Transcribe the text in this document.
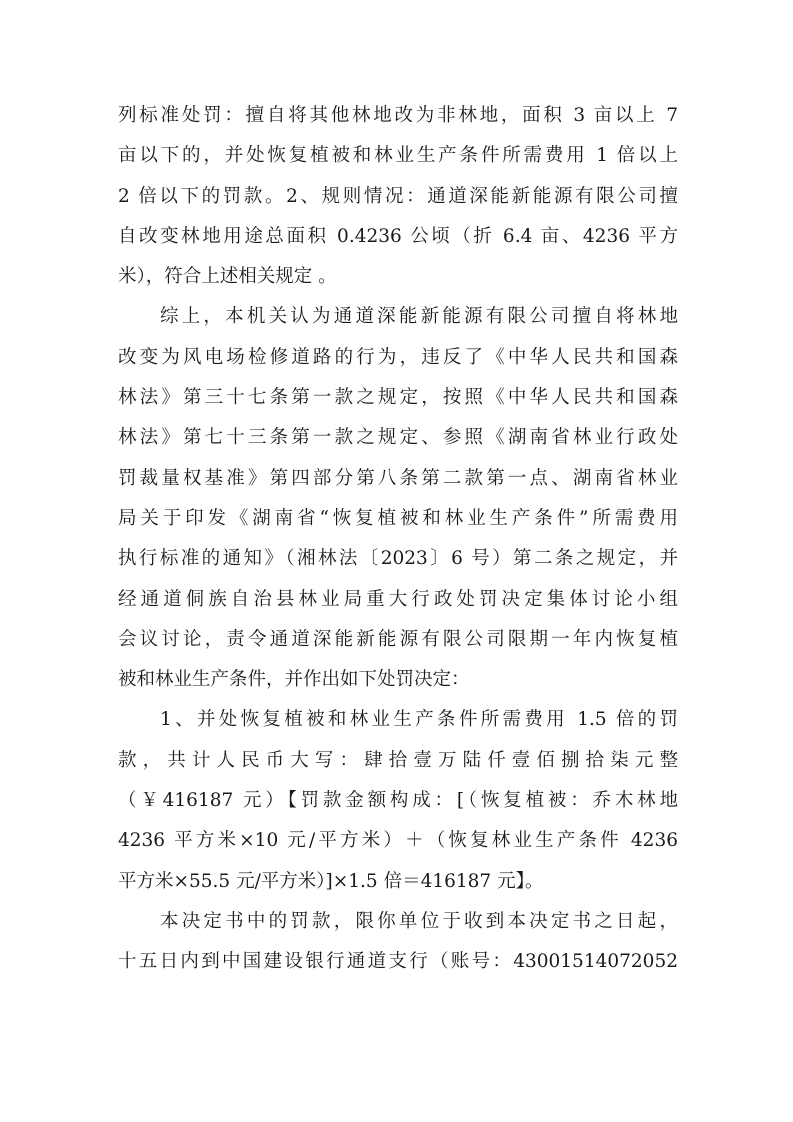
列标准处罚：擅自将其他林地改为非林地，面积 3 亩以上 7
亩以下的，并处恢复植被和林业生产条件所需费用 1 倍以上
2 倍以下的罚款。2、规则情况：通道深能新能源有限公司擅
自改变林地用途总面积 0.4236 公顷（折 6.4 亩、4236 平方
米），符合上述相关规定 。
综上，本机关认为通道深能新能源有限公司擅自将林地
改变为风电场检修道路的行为，违反了《中华人民共和国森
林法》第三十七条第一款之规定，按照《中华人民共和国森
林法》第七十三条第一款之规定、参照《湖南省林业行政处
罚裁量权基准》第四部分第八条第二款第一点、湖南省林业
局关于印发《湖南省“恢复植被和林业生产条件”所需费用
执行标准的通知》（湘林法〔2023〕6 号）第二条之规定，并
经通道侗族自治县林业局重大行政处罚决定集体讨论小组
会议讨论，责令通道深能新能源有限公司限期一年内恢复植
被和林业生产条件，并作出如下处罚决定：
1、并处恢复植被和林业生产条件所需费用 1.5 倍的罚
款，共计人民币大写：肆拾壹万陆仟壹佰捌拾柒元整
（￥416187 元）【罚款金额构成：[（恢复植被：乔木林地
4236 平方米×10 元/平方米）＋（恢复林业生产条件 4236
平方米×55.5 元/平方米）]×1.5 倍＝416187 元】。
本决定书中的罚款，限你单位于收到本决定书之日起，
十五日内到中国建设银行通道支行（账号：43001514072052
